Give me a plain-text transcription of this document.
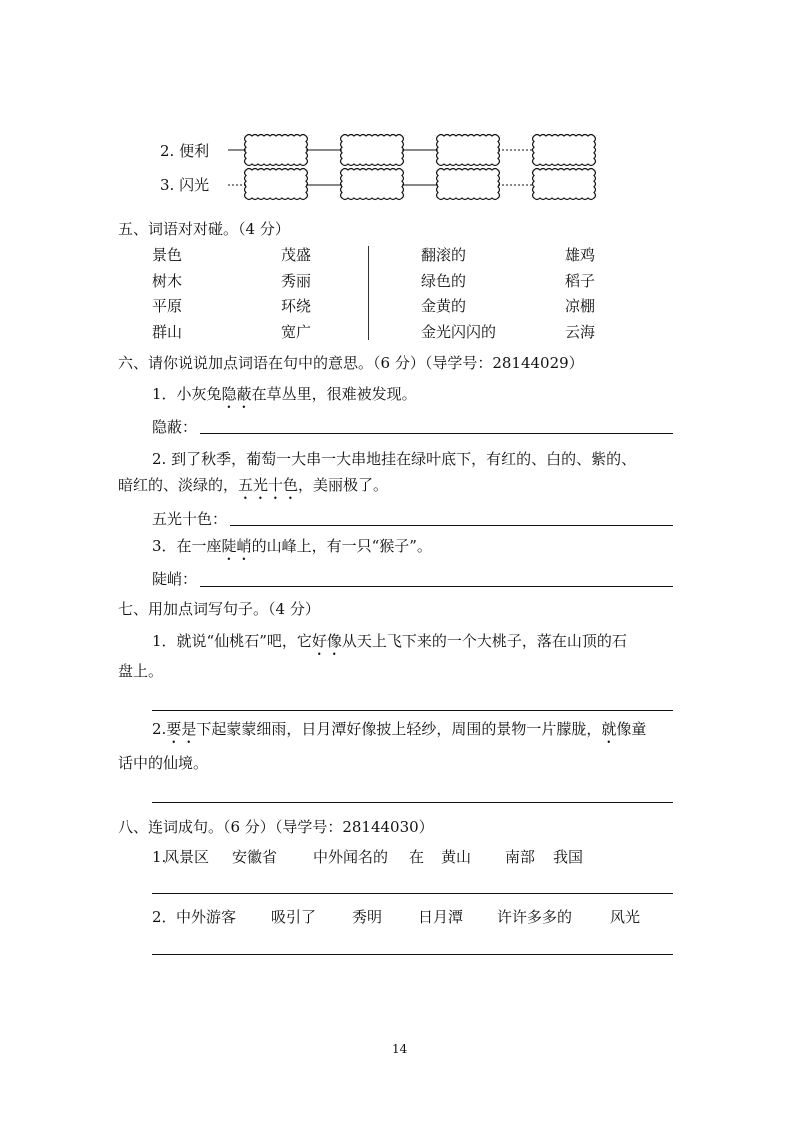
2. 便利
3. 闪光
五、词语对对碰。（4 分）
景色
树木
平原
群山
茂盛
秀丽
环绕
宽广
翻滚的
绿色的
金黄的
金光闪闪的
雄鸡
稻子
凉棚
云海
六、请你说说加点词语在句中的意思。（6 分）（导学号：28144029）
1．小灰兔隐蔽在草丛里，很难被发现。
隐蔽：
2. 到了秋季，葡萄一大串一大串地挂在绿叶底下，有红的、白的、紫的、
暗红的、淡绿的，五光十色，美丽极了。
五光十色：
3．在一座陡峭的山峰上，有一只“猴子”。
陡峭：
七、用加点词写句子。（4 分）
1．就说“仙桃石”吧，它好像从天上飞下来的一个大桃子，落在山顶的石
盘上。
2.要是下起蒙蒙细雨，日月潭好像披上轻纱，周围的景物一片朦胧，就像童
话中的仙境。
八、连词成句。（6 分）（导学号：28144030）
1.
风景区 安徽省 中外闻名的 在 黄山 南部 我国
2． 中外游客 吸引了 秀明 日月潭 许许多多的	风光
14
